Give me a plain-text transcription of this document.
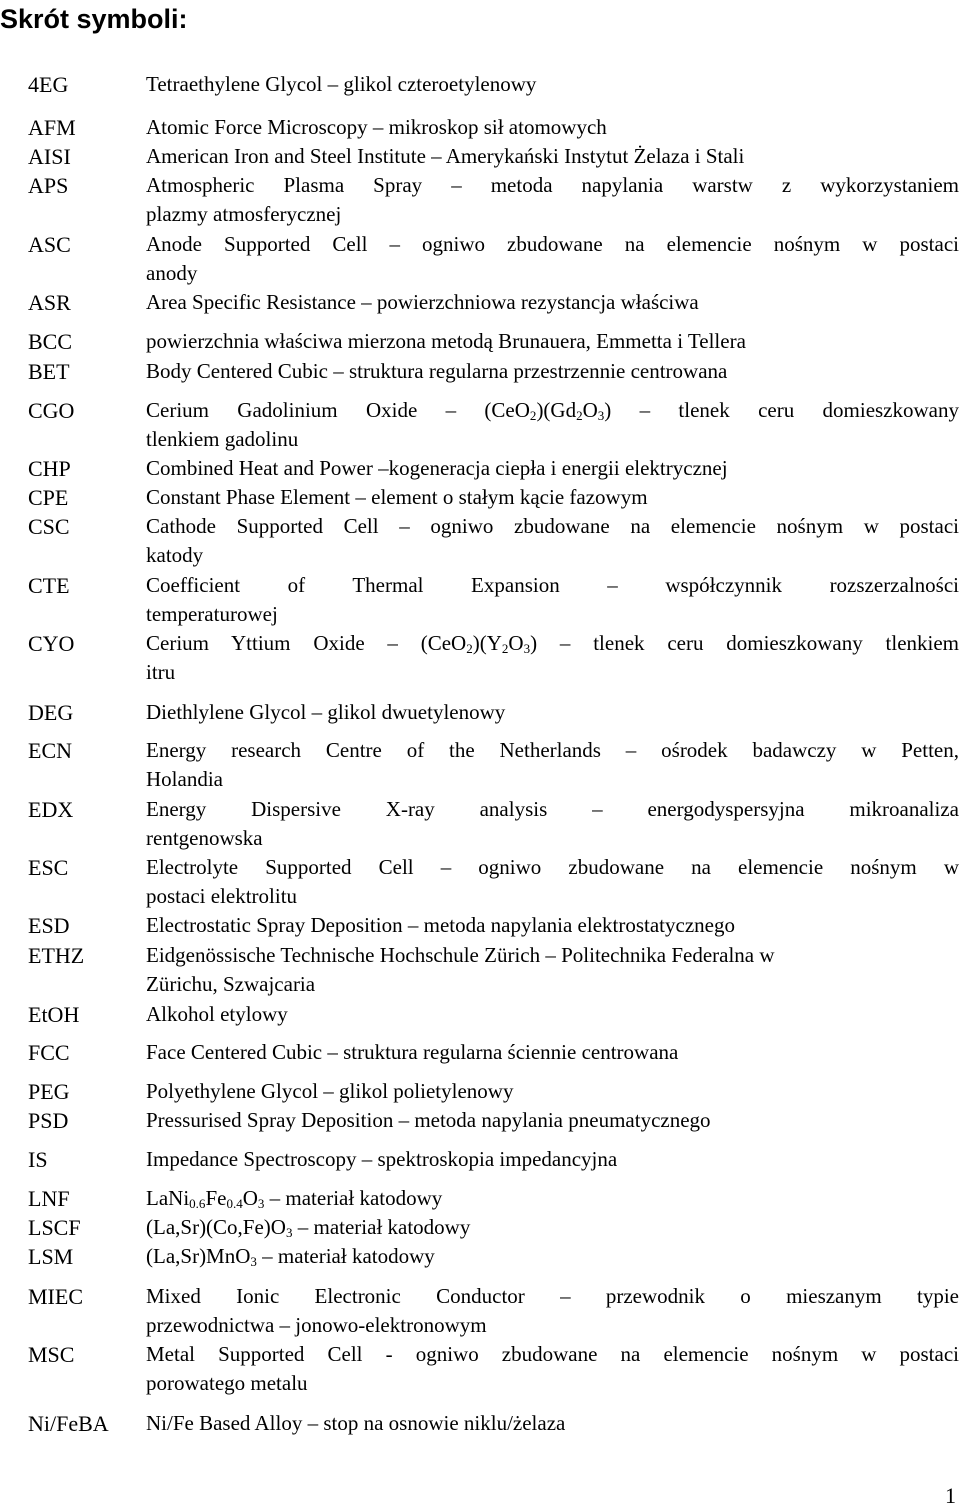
Skrót symboli:
4EG	Tetraethylene Glycol – glikol czteroetylenowy
AFM	Atomic Force Microscopy – mikroskop sił atomowych
AISI	American Iron and Steel Institute – Amerykański Instytut Żelaza i Stali
APS	Atmospheric Plasma Spray – metoda napylania warstw z wykorzystaniem
plazmy atmosferycznej
ASC	Anode Supported Cell – ogniwo zbudowane na elemencie nośnym w postaci
anody
ASR	Area Specific Resistance – powierzchniowa rezystancja właściwa
BCC	powierzchnia właściwa mierzona metodą Brunauera, Emmetta i Tellera
BET	Body Centered Cubic – struktura regularna przestrzennie centrowana
CGO	Cerium Gadolinium Oxide – $(CeO_2)(Gd_2O_3)$ – tlenek ceru domieszkowany
tlenkiem gadolinu
CHP	Combined Heat and Power –kogeneracja ciepła i energii elektrycznej
CPE	Constant Phase Element – element o stałym kącie fazowym
CSC	Cathode Supported Cell – ogniwo zbudowane na elemencie nośnym w postaci
katody
CTE	Coefficient of Thermal Expansion – współczynnik rozszerzalności
temperaturowej
CYO	Cerium Yttium Oxide – $(CeO_2)(Y_2O_3)$ – tlenek ceru domieszkowany tlenkiem
itru
DEG	Diethlylene Glycol – glikol dwuetylenowy
ECN	Energy research Centre of the Netherlands – ośrodek badawczy w Petten,
Holandia
EDX	Energy Dispersive X-ray analysis – energodyspersyjna mikroanaliza
rentgenowska
ESC	Electrolyte Supported Cell – ogniwo zbudowane na elemencie nośnym w
postaci elektrolitu
ESD	Electrostatic Spray Deposition – metoda napylania elektrostatycznego
ETHZ	Eidgenössische Technische Hochschule Zürich – Politechnika Federalna w
Zürichu, Szwajcaria
EtOH	Alkohol etylowy
FCC	Face Centered Cubic – struktura regularna ściennie centrowana
PEG	Polyethylene Glycol – glikol polietylenowy
PSD	Pressurised Spray Deposition – metoda napylania pneumatycznego
IS	Impedance Spectroscopy – spektroskopia impedancyjna
LNF	$LaNi_{0.6}Fe_{0.4}O_3$ – materiał katodowy
LSCF	$(La,Sr)(Co,Fe)O_3$ – materiał katodowy
LSM	(La,Sr)MnO$_3$ – materiał katodowy
MIEC	Mixed Ionic Electronic Conductor – przewodnik o mieszanym typie
przewodnictwa – jonowo-elektronowym
MSC	Metal Supported Cell - ogniwo zbudowane na elemencie nośnym w postaci
porowatego metalu
Ni/FeBA Ni/Fe Based Alloy – stop na osnowie niklu/żelaza
1
